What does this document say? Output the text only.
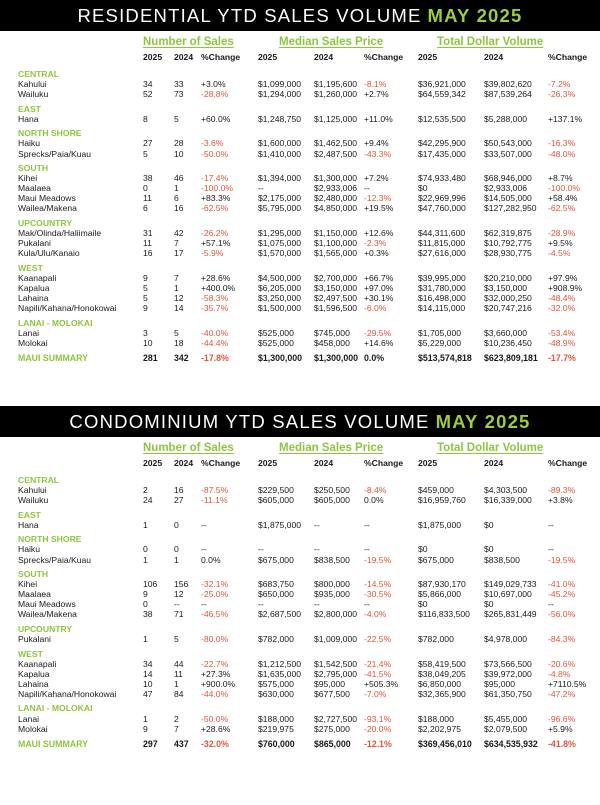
RESIDENTIAL YTD SALES VOLUME MAY 2025
Number of Sales	Median Sales Price	Total Dollar Volume
2025 2024 %Change 2025	2024	%Change 2025	2024	%Change
CENTRAL
Kahului	34 33 +3.0%	$1,099,000 $1,195,600 -8.1%	$36,921,000 $39,802,620 -7.2%
Wailuku	52 73 -28.8%	$1,294,000 $1,260,000 +2.7%	$64,559,342 $87,539,264 -26.3%
EAST
Hana	8	5	+60.0%	$1,248,750 $1,125,000 +11.0%	$12,535,500 $5,288,000 +137.1%
NORTH SHORE
Haiku	27 28 -3.6%	$1,600,000 $1,462,500 +9.4%	$42,295,900 $50,543,000 -16.3%
Sprecks/Paia/Kuau	5	10 -50.0%	$1,410,000 $2,487,500 -43.3%	$17,435,000 $33,507,000 -48.0%
SOUTH
Kihei	38 46 -17.4%	$1,394,000 $1,300,000 +7.2%	$74,933,480 $68,946,000 +8.7%
Maalaea	0	1	-100.0%	--	$2,933,006 --	$0	$2,933,006 -100.0%
Maui Meadows	11	6	+83.3%	$2,175,000 $2,480,000 -12.3%	$22,969,996 $14,505,000 +58.4%
Wailea/Makena	6	16 -62.5%	$5,795,000 $4,850,000 +19.5%	$47,760,000 $127,282,950 -62.5%
UPCOUNTRY
Mak/Olinda/Haliimaile	31 42 -26.2%	$1,295,000 $1,150,000 +12.6%	$44,311,600 $62,319,875 -28.9%
Pukalani	11	7	+57.1%	$1,075,000 $1,100,000 -2.3%	$11,815,000 $10,792,775 +9.5%
Kula/Ulu/Kanaio	16 17 -5.9%	$1,570,000 $1,565,000 +0.3%	$27,616,000 $28,930,775 -4.5%
WEST
Kaanapali	9	7	+28.6%	$4,500,000 $2,700,000 +66.7%	$39,995,000 $20,210,000 +97.9%
Kapalua	5	1	+400.0%	$6,205,000 $3,150,000 +97.0%	$31,780,000 $3,150,000 +908.9%
Lahaina	5	12 -58.3%	$3,250,000 $2,497,500 +30.1%	$16,498,000 $32,000,250 -48.4%
Napili/Kahana/Honokowai	9	14 -35.7%	$1,500,000 $1,596,500 -6.0%	$14,115,000 $20,747,216 -32.0%
LANAI - MOLOKAI
Lanai	3	5	-40.0%	$525,000 $745,000 -29.5%	$1,705,000	$3,660,000 -53.4%
Molokai	10 18 -44.4%	$525,000 $458,000 +14.6%	$5,229,000	$10,236,450 -48.9%
MAUI SUMMARY	281 342 -17.8%	$1,300,000 $1,300,000 0.0%	$513,574,818 $623,809,181 -17.7%
CONDOMINIUM YTD SALES VOLUME MAY 2025
Number of Sales	Median Sales Price	Total Dollar Volume
2025 2024 %Change 2025	2024	%Change 2025	2024	%Change
CENTRAL
Kahului	2	16 -87.5%	$229,500 $250,500 -8.4%	$459,000	$4,303,500 -89.3%
Wailuku	24 27 -11.1%	$605,000 $605,000 0.0%	$16,959,760 $16,339,000 +3.8%
EAST
Hana	1	0	--	$1,875,000 --	--	$1,875,000	$0	--
NORTH SHORE
Haiku	0	0	--	--	--	--	$0	$0	--
Sprecks/Paia/Kuau	1	1	0.0%	$675,000 $838,500 -19.5%	$675,000	$838,500	-19.5%
SOUTH
Kihei	106 156 -32.1%	$683,750 $800,000 -14.5%	$87,930,170 $149,029,733 -41.0%
Maalaea	9	12 -25.0%	$650,000 $935,000 -30.5%	$5,866,000	$10,697,000 -45.2%
Maui Meadows	0	-- --	--	--	--	$0	$0	--
Wailea/Makena	38 71 -46.5%	$2,687,500 $2,800,000 -4.0%	$116,833,500 $265,831,449 -56.0%
UPCOUNTRY
Pukalani	1	5	-80.0%	$782,000 $1,009,000 -22.5%	$782,000	$4,978,000 -84.3%
WEST
Kaanapali	34 44 -22.7%	$1,212,500 $1,542,500 -21.4%	$58,419,500 $73,566,500 -20.6%
Kapalua	14 11 +27.3%	$1,635,000 $2,795,000 -41.5%	$38,049,205 $39,972,000 -4.8%
Lahaina	10 1	+900.0%	$575,000 $95,000 +505.3% $6,850,000	$95,000	+7110.5%
Napili/Kahana/Honokowai	47 84 -44.0%	$630,000 $677,500 -7.0%	$32,365,900 $61,350,750 -47.2%
LANAI - MOLOKAI
Lanai	1	2	-50.0%	$188,000 $2,727,500 -93.1%	$188,000	$5,455,000 -96.6%
Molokai	9	7	+28.6%	$219,975 $275,000 -20.0%	$2,202,975	$2,079,500 +5.9%
MAUI SUMMARY	297 437 -32.0%	$760,000 $865,000 -12.1%	$369,456,010 $634,535,932 -41.8%
